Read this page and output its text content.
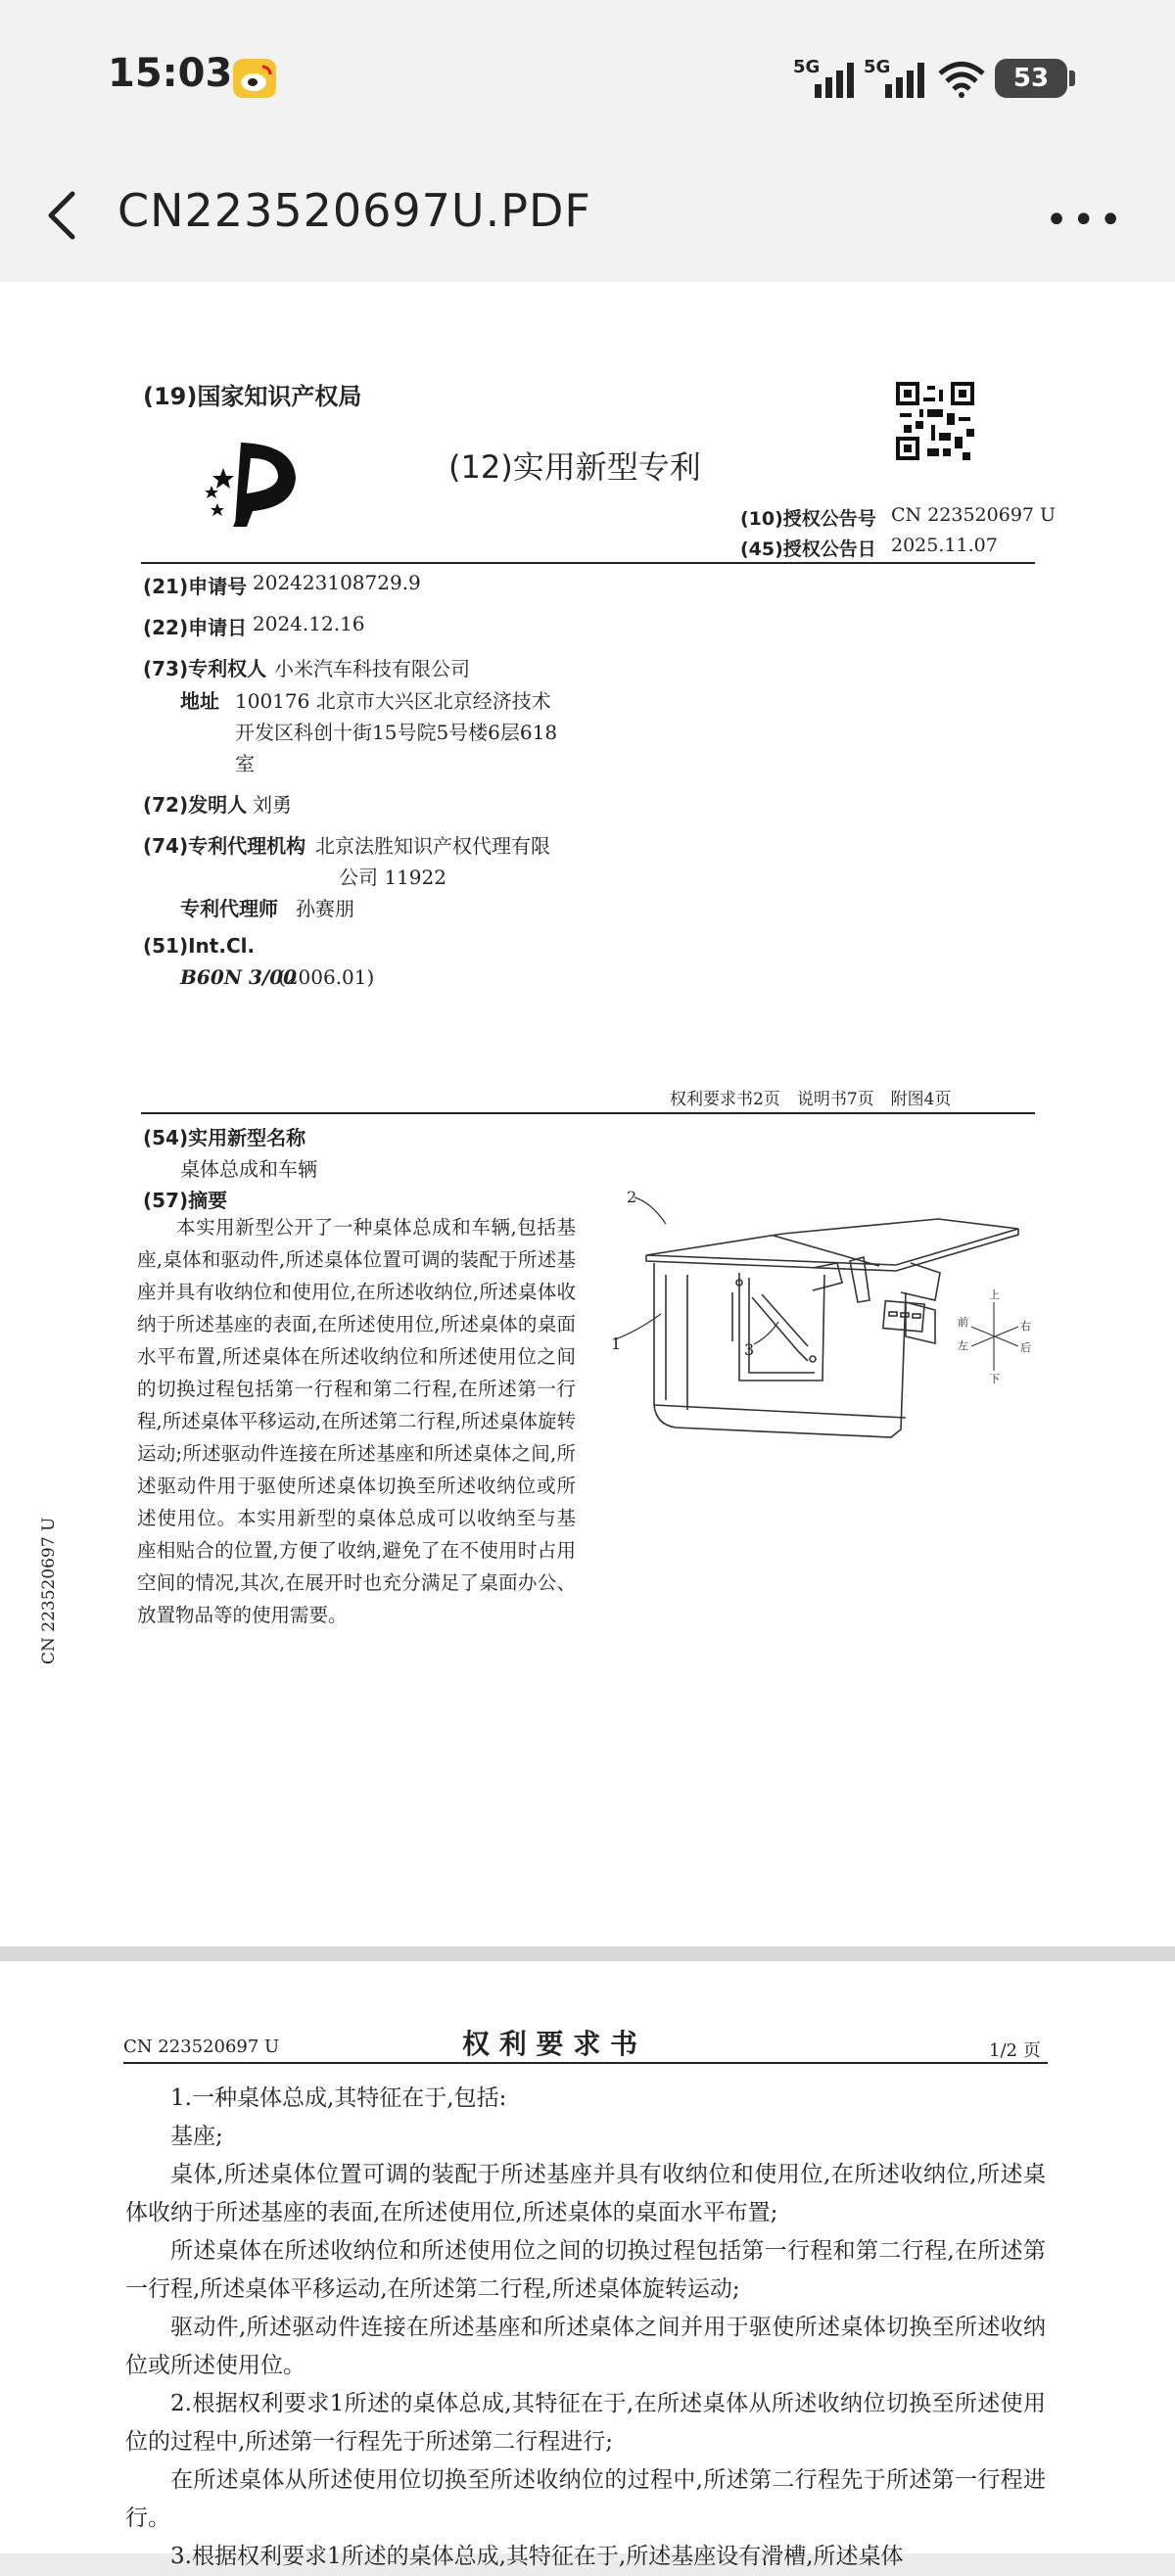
15:03	5G 5G	53
CN223520697U.PDF	•••
(19)国家知识产权局
(12)实用新型专利
(10)授权公告号 CN 223520697 U
(45)授权公告日 2025.11.07
(21)申请号 202423108729.9
(22)申请日 2024.12.16
(73)专利权人 小米汽车科技有限公司
地址 100176 北京市大兴区北京经济技术
开发区科创十街15号院5号楼6层618
室
(72)发明人 刘勇
(74)专利代理机构 北京法胜知识产权代理有限
公司 11922
专利代理师 孙赛朋
(51)Int.Cl.
B60N 3/00
(2006.01)
权利要求书2页　说明书7页　附图4页
(54)实用新型名称
桌体总成和车辆
(57)摘要
本实用新型公开了一种桌体总成和车辆,包括基座,桌体和驱动件,所述桌体位置可调的装配于所述基座并具有收纳位和使用位,在所述收纳位,所述桌体收纳于所述基座的表面,在所述使用位,所述桌体的桌面水平布置,所述桌体在所述收纳位和所述使用位之间的切换过程包括第一行程和第二行程,在所述第一行程,所述桌体平移运动,在所述第二行程,所述桌体旋转运动;所述驱动件连接在所述基座和所述桌体之间,所述驱动件用于驱使所述桌体切换至所述收纳位或所述使用位。本实用新型的桌体总成可以收纳至与基座相贴合的位置,方便了收纳,避免了在不使用时占用空间的情况,其次,在展开时也充分满足了桌面办公、放置物品等的使用需要。
CN 223520697 U
2
1	3
上
下
左
右
前
后
CN 223520697 U	权 利 要 求 书	1/2 页

1.一种桌体总成,其特征在于,包括:

基座;

桌体,所述桌体位置可调的装配于所述基座并具有收纳位和使用位,在所述收纳位,所述桌体收纳于所述基座的表面,在所述使用位,所述桌体的桌面水平布置;

所述桌体在所述收纳位和所述使用位之间的切换过程包括第一行程和第二行程,在所述第一行程,所述桌体平移运动,在所述第二行程,所述桌体旋转运动;

驱动件,所述驱动件连接在所述基座和所述桌体之间并用于驱使所述桌体切换至所述收纳位或所述使用位。

2.根据权利要求1所述的桌体总成,其特征在于,在所述桌体从所述收纳位切换至所述使用位的过程中,所述第一行程先于所述第二行程进行;

在所述桌体从所述使用位切换至所述收纳位的过程中,所述第二行程先于所述第一行程进行。

3.根据权利要求1所述的桌体总成,其特征在于,所述基座设有滑槽,所述桌体
